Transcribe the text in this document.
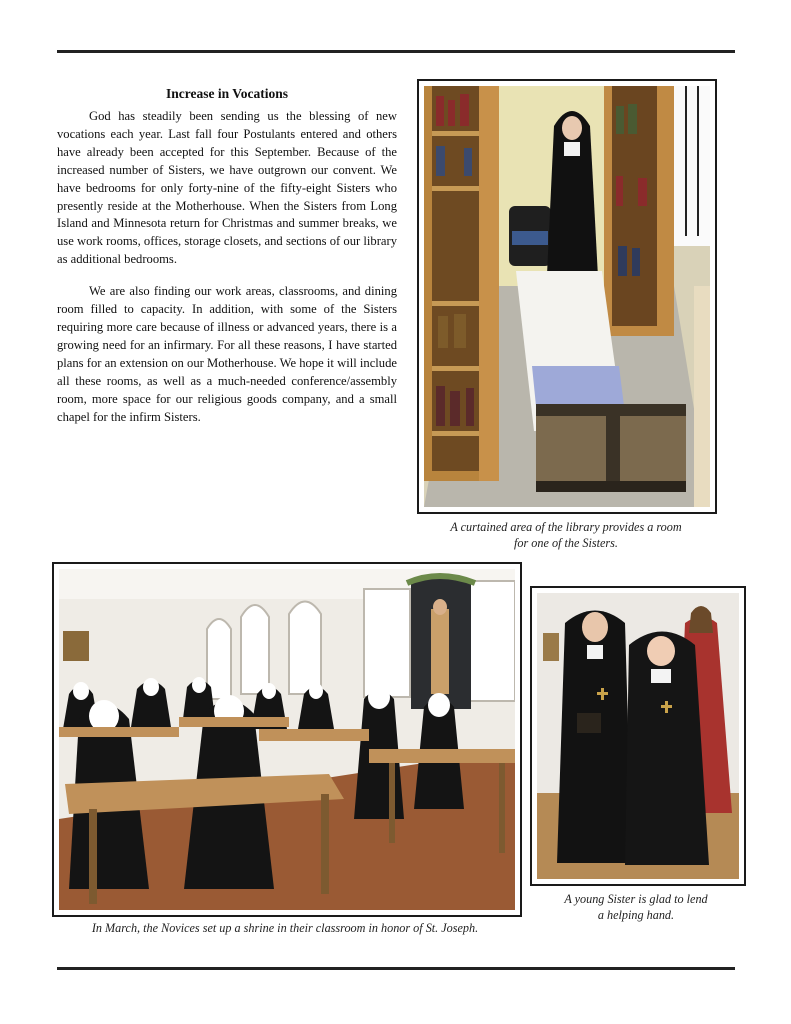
Increase in Vocations

God has steadily been sending us the blessing of new vocations each year. Last fall four Postulants entered and others have already been accepted for this September. Because of the increased number of Sisters, we have outgrown our convent. We have bedrooms for only forty-nine of the fifty-eight Sisters who presently reside at the Motherhouse. When the Sisters from Long Island and Minnesota return for Christmas and summer breaks, we use work rooms, offices, storage closets, and sections of our library as additional bedrooms.

We are also finding our work areas, classrooms, and dining room filled to capacity. In addition, with some of the Sisters requiring more care because of illness or advanced years, there is a growing need for an infirmary. For all these reasons, I have started plans for an extension on our Motherhouse. We hope it will include all these rooms, as well as a much-needed conference/assembly room, more space for our religious goods company, and a small chapel for the infirm Sisters.

A curtained area of the library provides a room
for one of the Sisters.
In March, the Novices set up a shrine in their classroom in honor of St. Joseph.
A young Sister is glad to lend
a helping hand.
